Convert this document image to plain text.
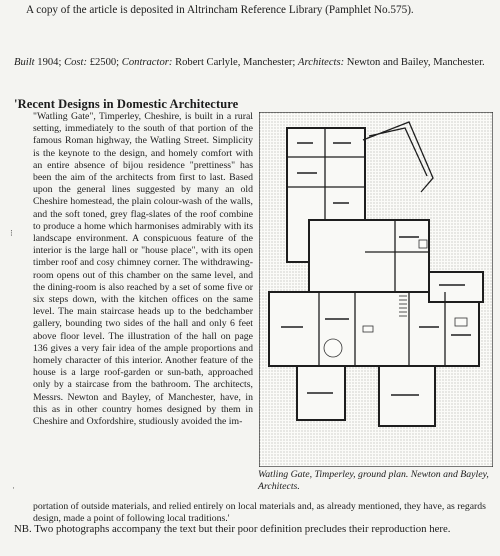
A copy of the article is deposited in Altrincham Reference Library (Pamphlet No.575).
Built 1904; Cost: £2500; Contractor: Robert Carlyle, Manchester; Architects: Newton and Bailey, Manchester.
'Recent Designs in Domestic Architecture

"Watling Gate", Timperley, Cheshire, is built in a rural setting, immediately to the south of that portion of the famous Roman highway, the Watling Street. Simplicity is the keynote to the design, and homely comfort with an entire absence of bijou residence "prettiness" has been the aim of the architects from first to last. Based upon the general lines suggested by many an old Cheshire homestead, the plain colour-wash of the walls, and the soft toned, grey flag-slates of the roof combine to produce a home which harmonises admirably with its landscape environment. A conspicuous feature of the interior is the large hall or "house place", with its open timber roof and cosy chimney corner. The withdrawing-room opens out of this chamber on the same level, and the dining-room is also reached by a set of some five or six steps down, with the kitchen offices on the same level. The main staircase heads up to the bedchamber gallery, bounding two sides of the hall and only 6 feet above floor level. The illustration of the hall on page 136 gives a very fair idea of the ample proportions and homely character of this interior. Another feature of the house is a large roof-garden or sun-bath, approached only by a staircase from the bathroom. The architects, Messrs. Newton and Bayley, of Manchester, have, in this as in other country homes designed by them in Cheshire and Oxfordshire, studiously avoided the im-

⁝
·
Watling Gate, Timperley, ground plan. Newton and Bayley, Architects.

portation of outside materials, and relied entirely on local materials and, as already mentioned, they have, as regards design, made a point of following local traditions.'

NB. Two photographs accompany the text but their poor definition precludes their reproduction here.
